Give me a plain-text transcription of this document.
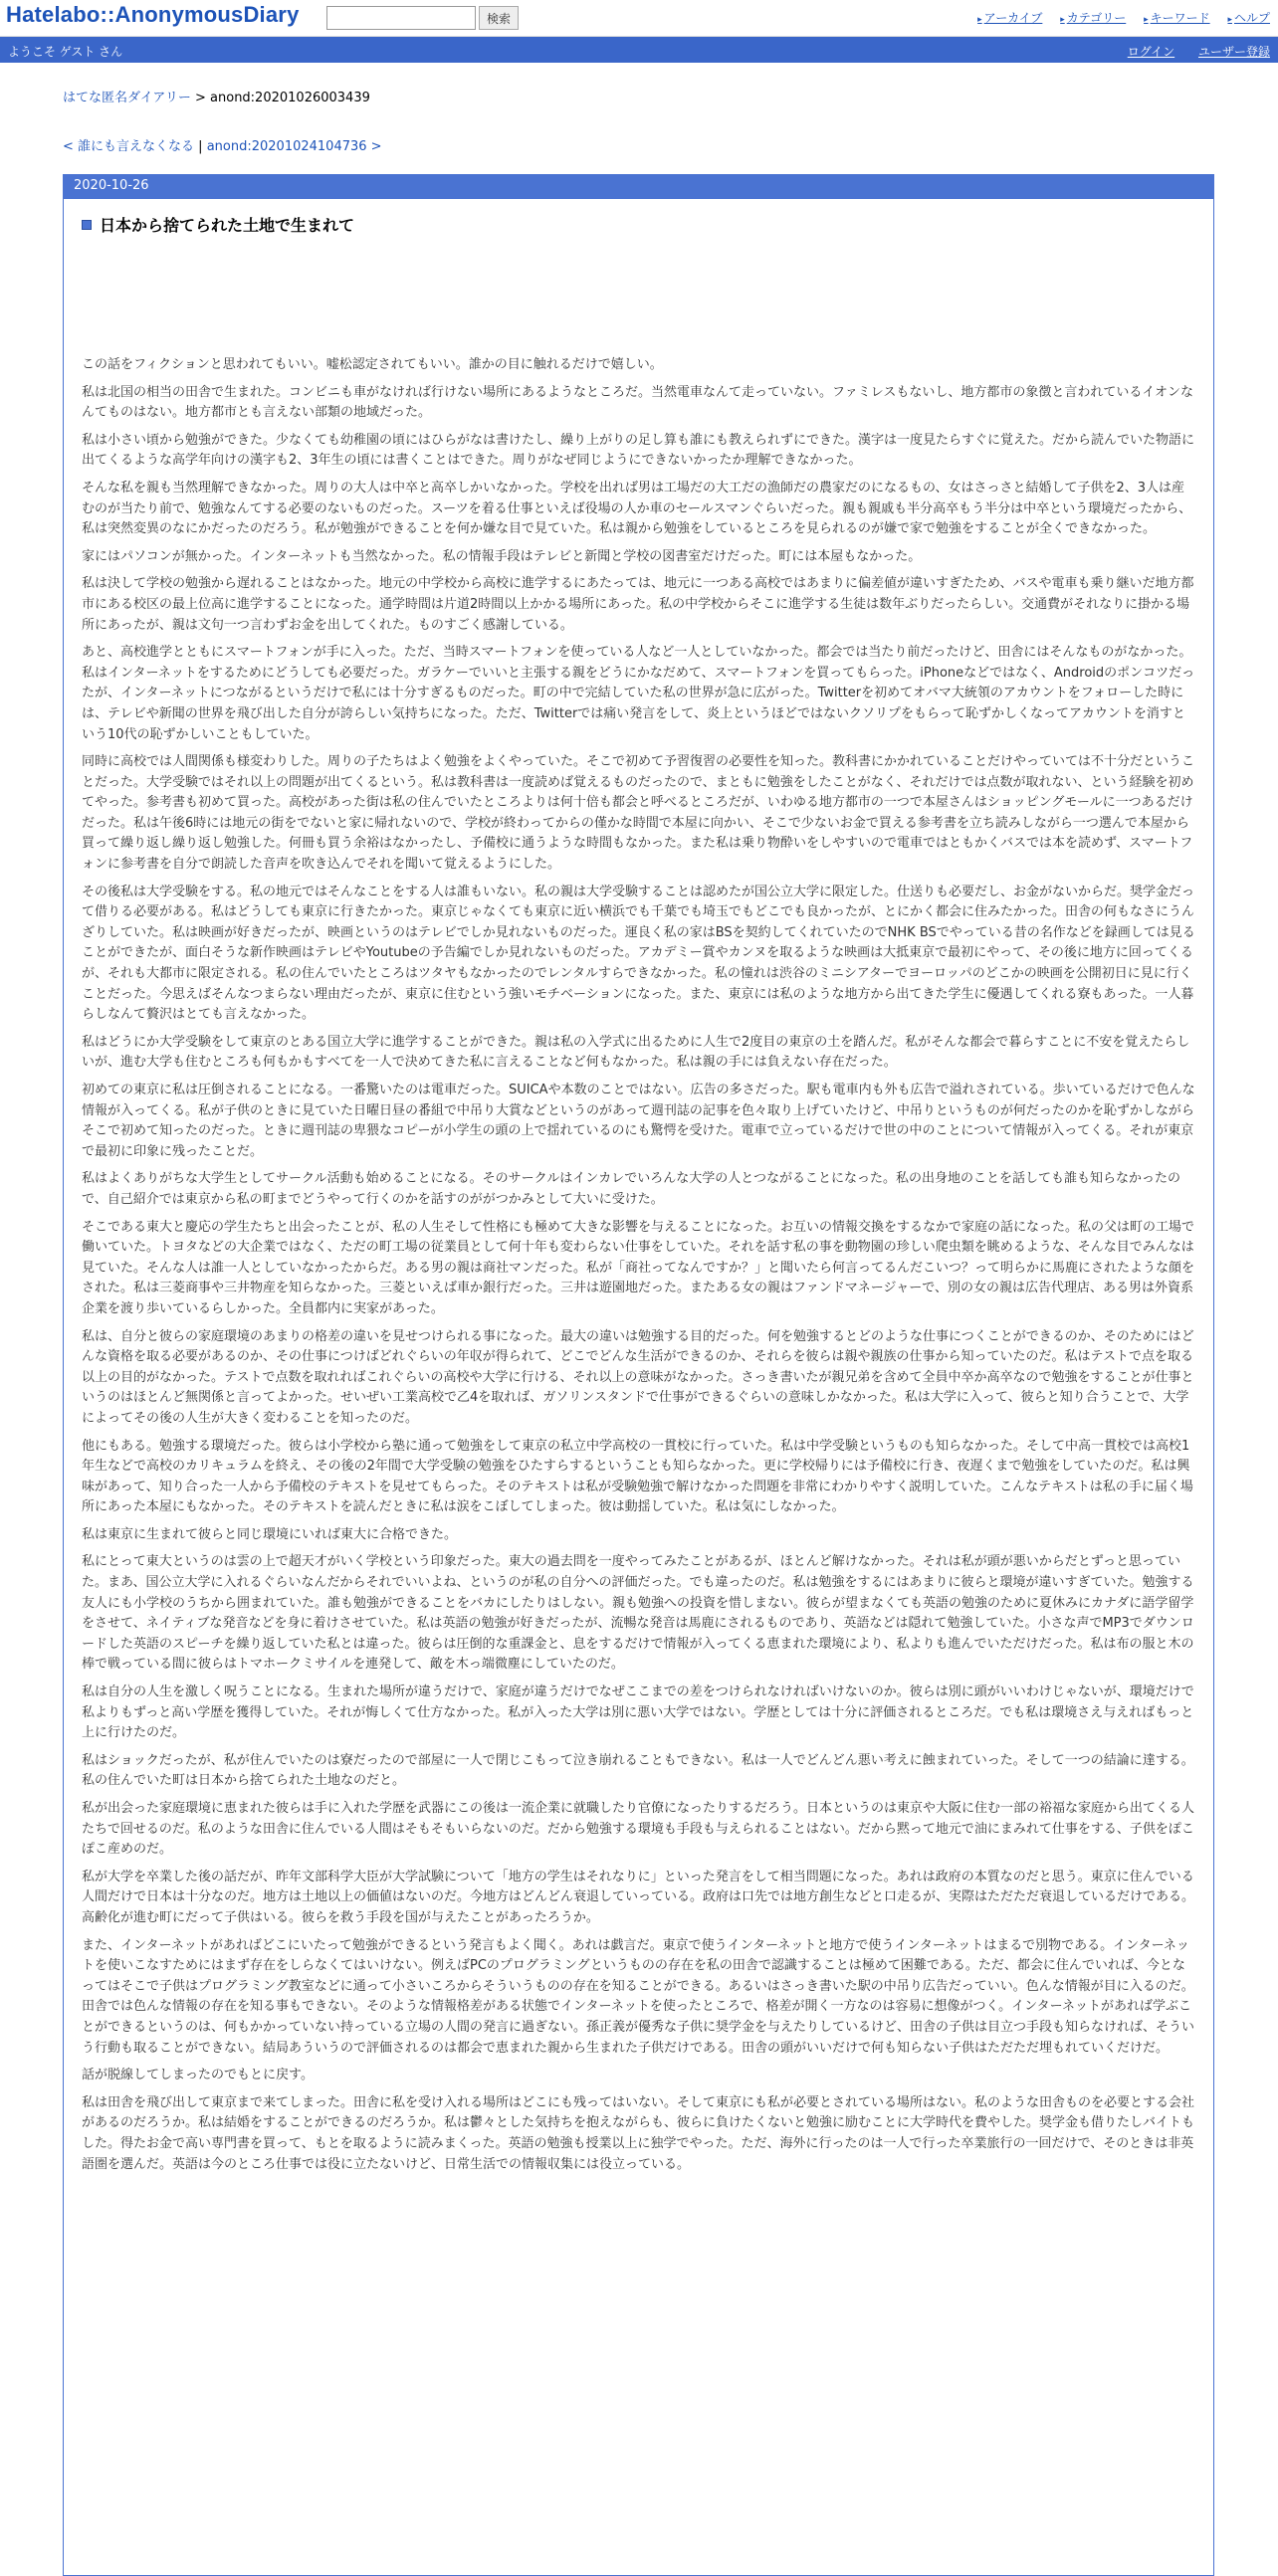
Hatelabo::AnonymousDiary	検索	▸ アーカイブ ▸ カテゴリー ▸ キーワード ▸ ヘルプ
ようこそ ゲスト さん	ログイン ユーザー登録
はてな匿名ダイアリー > anond:20201026003439
< 誰にも言えなくなる | anond:20201024104736 >
2020-10-26
日本から捨てられた土地で生まれて

この話をフィクションと思われてもいい。嘘松認定されてもいい。誰かの目に触れるだけで嬉しい。

私は北国の相当の田舎で生まれた。コンビニも車がなければ行けない場所にあるようなところだ。当然電車なんて走っていない。ファミレスもないし、地方都市の象徴と言われているイオンなんてものはない。地方都市とも言えない部類の地域だった。

私は小さい頃から勉強ができた。少なくても幼稚園の頃にはひらがなは書けたし、繰り上がりの足し算も誰にも教えられずにできた。漢字は一度見たらすぐに覚えた。だから読んでいた物語に出てくるような高学年向けの漢字も2、3年生の頃には書くことはできた。周りがなぜ同じようにできないかったか理解できなかった。

そんな私を親も当然理解できなかった。周りの大人は中卒と高卒しかいなかった。学校を出れば男は工場だの大工だの漁師だの農家だのになるもの、女はさっさと結婚して子供を2、3人は産むのが当たり前で、勉強なんてする必要のないものだった。スーツを着る仕事といえば役場の人か車のセールスマンぐらいだった。親も親戚も半分高卒もう半分は中卒という環境だったから、私は突然変異のなにかだったのだろう。私が勉強ができることを何か嫌な目で見ていた。私は親から勉強をしているところを見られるのが嫌で家で勉強をすることが全くできなかった。

家にはパソコンが無かった。インターネットも当然なかった。私の情報手段はテレビと新聞と学校の図書室だけだった。町には本屋もなかった。

私は決して学校の勉強から遅れることはなかった。地元の中学校から高校に進学するにあたっては、地元に一つある高校ではあまりに偏差値が違いすぎたため、バスや電車も乗り継いだ地方都市にある校区の最上位高に進学することになった。通学時間は片道2時間以上かかる場所にあった。私の中学校からそこに進学する生徒は数年ぶりだったらしい。交通費がそれなりに掛かる場所にあったが、親は文句一つ言わずお金を出してくれた。ものすごく感謝している。

あと、高校進学とともにスマートフォンが手に入った。ただ、当時スマートフォンを使っている人など一人としていなかった。都会では当たり前だったけど、田舎にはそんなものがなかった。私はインターネットをするためにどうしても必要だった。ガラケーでいいと主張する親をどうにかなだめて、スマートフォンを買ってもらった。iPhoneなどではなく、Androidのポンコツだったが、インターネットにつながるというだけで私には十分すぎるものだった。町の中で完結していた私の世界が急に広がった。Twitterを初めてオバマ大統領のアカウントをフォローした時には、テレビや新聞の世界を飛び出した自分が誇らしい気持ちになった。ただ、Twitterでは痛い発言をして、炎上というほどではないクソリプをもらって恥ずかしくなってアカウントを消すという10代の恥ずかしいこともしていた。

同時に高校では人間関係も様変わりした。周りの子たちはよく勉強をよくやっていた。そこで初めて予習復習の必要性を知った。教科書にかかれていることだけやっていては不十分だということだった。大学受験ではそれ以上の問題が出てくるという。私は教科書は一度読めば覚えるものだったので、まともに勉強をしたことがなく、それだけでは点数が取れない、という経験を初めてやった。参考書も初めて買った。高校があった街は私の住んでいたところよりは何十倍も都会と呼べるところだが、いわゆる地方都市の一つで本屋さんはショッピングモールに一つあるだけだった。私は午後6時には地元の街をでないと家に帰れないので、学校が終わってからの僅かな時間で本屋に向かい、そこで少ないお金で買える参考書を立ち読みしながら一つ選んで本屋から買って繰り返し繰り返し勉強した。何冊も買う余裕はなかったし、予備校に通うような時間もなかった。また私は乗り物酔いをしやすいので電車ではともかくバスでは本を読めず、スマートフォンに参考書を自分で朗読した音声を吹き込んでそれを聞いて覚えるようにした。

その後私は大学受験をする。私の地元ではそんなことをする人は誰もいない。私の親は大学受験することは認めたが国公立大学に限定した。仕送りも必要だし、お金がないからだ。奨学金だって借りる必要がある。私はどうしても東京に行きたかった。東京じゃなくても東京に近い横浜でも千葉でも埼玉でもどこでも良かったが、とにかく都会に住みたかった。田舎の何もなさにうんざりしていた。私は映画が好きだったが、映画というのはテレビでしか見れないものだった。運良く私の家はBSを契約してくれていたのでNHK BSでやっている昔の名作などを録画しては見ることができたが、面白そうな新作映画はテレビやYoutubeの予告編でしか見れないものだった。アカデミー賞やカンヌを取るような映画は大抵東京で最初にやって、その後に地方に回ってくるが、それも大都市に限定される。私の住んでいたところはツタヤもなかったのでレンタルすらできなかった。私の憧れは渋谷のミニシアターでヨーロッパのどこかの映画を公開初日に見に行くことだった。今思えばそんなつまらない理由だったが、東京に住むという強いモチベーションになった。また、東京には私のような地方から出てきた学生に優遇してくれる寮もあった。一人暮らしなんて贅沢はとても言えなかった。

私はどうにか大学受験をして東京のとある国立大学に進学することができた。親は私の入学式に出るために人生で2度目の東京の土を踏んだ。私がそんな都会で暮らすことに不安を覚えたらしいが、進む大学も住むところも何もかもすべてを一人で決めてきた私に言えることなど何もなかった。私は親の手には負えない存在だった。

初めての東京に私は圧倒されることになる。一番驚いたのは電車だった。SUICAや本数のことではない。広告の多さだった。駅も電車内も外も広告で溢れされている。歩いているだけで色んな情報が入ってくる。私が子供のときに見ていた日曜日昼の番組で中吊り大賞などというのがあって週刊誌の記事を色々取り上げていたけど、中吊りというものが何だったのかを恥ずかしながらそこで初めて知ったのだった。ときに週刊誌の卑猥なコピーが小学生の頭の上で揺れているのにも驚愕を受けた。電車で立っているだけで世の中のことについて情報が入ってくる。それが東京で最初に印象に残ったことだ。

私はよくありがちな大学生としてサークル活動も始めることになる。そのサークルはインカレでいろんな大学の人とつながることになった。私の出身地のことを話しても誰も知らなかったので、自己紹介では東京から私の町までどうやって行くのかを話すのががつかみとして大いに受けた。

そこである東大と慶応の学生たちと出会ったことが、私の人生そして性格にも極めて大きな影響を与えることになった。お互いの情報交換をするなかで家庭の話になった。私の父は町の工場で働いていた。トヨタなどの大企業ではなく、ただの町工場の従業員として何十年も変わらない仕事をしていた。それを話す私の事を動物園の珍しい爬虫類を眺めるような、そんな目でみんなは見ていた。そんな人は誰一人としていなかったからだ。ある男の親は商社マンだった。私が「商社ってなんですか？」と聞いたら何言ってるんだこいつ？って明らかに馬鹿にされたような顔をされた。私は三菱商事や三井物産を知らなかった。三菱といえば車か銀行だった。三井は遊園地だった。またある女の親はファンドマネージャーで、別の女の親は広告代理店、ある男は外資系企業を渡り歩いているらしかった。全員都内に実家があった。

私は、自分と彼らの家庭環境のあまりの格差の違いを見せつけられる事になった。最大の違いは勉強する目的だった。何を勉強するとどのような仕事につくことができるのか、そのためにはどんな資格を取る必要があるのか、その仕事につけばどれぐらいの年収が得られて、どこでどんな生活ができるのか、それらを彼らは親や親族の仕事から知っていたのだ。私はテストで点を取る以上の目的がなかった。テストで点数を取れればこれぐらいの高校や大学に行ける、それ以上の意味がなかった。さっき書いたが親兄弟を含めて全員中卒か高卒なので勉強をすることが仕事というのはほとんど無関係と言ってよかった。せいぜい工業高校で乙4を取れば、ガソリンスタンドで仕事ができるぐらいの意味しかなかった。私は大学に入って、彼らと知り合うことで、大学によってその後の人生が大きく変わることを知ったのだ。

他にもある。勉強する環境だった。彼らは小学校から塾に通って勉強をして東京の私立中学高校の一貫校に行っていた。私は中学受験というものも知らなかった。そして中高一貫校では高校1年生などで高校のカリキュラムを終え、その後の2年間で大学受験の勉強をひたすらするということも知らなかった。更に学校帰りには予備校に行き、夜遅くまで勉強をしていたのだ。私は興味があって、知り合った一人から予備校のテキストを見せてもらった。そのテキストは私が受験勉強で解けなかった問題を非常にわかりやすく説明していた。こんなテキストは私の手に届く場所にあった本屋にもなかった。そのテキストを読んだときに私は涙をこぼしてしまった。彼は動揺していた。私は気にしなかった。

私は東京に生まれて彼らと同じ環境にいれば東大に合格できた。

私にとって東大というのは雲の上で超天才がいく学校という印象だった。東大の過去問を一度やってみたことがあるが、ほとんど解けなかった。それは私が頭が悪いからだとずっと思っていた。まあ、国公立大学に入れるぐらいなんだからそれでいいよね、というのが私の自分への評価だった。でも違ったのだ。私は勉強をするにはあまりに彼らと環境が違いすぎていた。勉強する友人にも小学校のうちから囲まれていた。誰も勉強ができることをバカにしたりはしない。親も勉強への投資を惜しまない。彼らが望まなくても英語の勉強のために夏休みにカナダに語学留学をさせて、ネイティブな発音などを身に着けさせていた。私は英語の勉強が好きだったが、流暢な発音は馬鹿にされるものであり、英語などは隠れて勉強していた。小さな声でMP3でダウンロードした英語のスピーチを繰り返していた私とは違った。彼らは圧倒的な重課金と、息をするだけで情報が入ってくる恵まれた環境により、私よりも進んでいただけだった。私は布の服と木の棒で戦っている間に彼らはトマホークミサイルを連発して、敵を木っ端微塵にしていたのだ。

私は自分の人生を激しく呪うことになる。生まれた場所が違うだけで、家庭が違うだけでなぜここまでの差をつけられなければいけないのか。彼らは別に頭がいいわけじゃないが、環境だけで私よりもずっと高い学歴を獲得していた。それが悔しくて仕方なかった。私が入った大学は別に悪い大学ではない。学歴としては十分に評価されるところだ。でも私は環境さえ与えればもっと上に行けたのだ。

私はショックだったが、私が住んでいたのは寮だったので部屋に一人で閉じこもって泣き崩れることもできない。私は一人でどんどん悪い考えに蝕まれていった。そして一つの結論に達する。私の住んでいた町は日本から捨てられた土地なのだと。

私が出会った家庭環境に恵まれた彼らは手に入れた学歴を武器にこの後は一流企業に就職したり官僚になったりするだろう。日本というのは東京や大阪に住む一部の裕福な家庭から出てくる人たちで回せるのだ。私のような田舎に住んでいる人間はそもそもいらないのだ。だから勉強する環境も手段も与えられることはない。だから黙って地元で油にまみれて仕事をする、子供をぽこぽこ産めのだ。

私が大学を卒業した後の話だが、昨年文部科学大臣が大学試験について「地方の学生はそれなりに」といった発言をして相当問題になった。あれは政府の本質なのだと思う。東京に住んでいる人間だけで日本は十分なのだ。地方は土地以上の価値はないのだ。今地方はどんどん衰退していっている。政府は口先では地方創生などと口走るが、実際はただただ衰退しているだけである。高齢化が進む町にだって子供はいる。彼らを救う手段を国が与えたことがあったろうか。

また、インターネットがあればどこにいたって勉強ができるという発言もよく聞く。あれは戯言だ。東京で使うインターネットと地方で使うインターネットはまるで別物である。インターネットを使いこなすためにはまず存在をしらなくてはいけない。例えばPCのプログラミングというものの存在を私の田舎で認識することは極めて困難である。ただ、都会に住んでいれば、今となってはそこで子供はプログラミング教室などに通って小さいころからそういうものの存在を知ることができる。あるいはさっき書いた駅の中吊り広告だっていい。色んな情報が目に入るのだ。田舎では色んな情報の存在を知る事もできない。そのような情報格差がある状態でインターネットを使ったところで、格差が開く一方なのは容易に想像がつく。インターネットがあれば学ぶことができるというのは、何もかかっていない持っている立場の人間の発言に過ぎない。孫正義が優秀な子供に奨学金を与えたりしているけど、田舎の子供は目立つ手段も知らなければ、そういう行動も取ることができない。結局あういうので評価されるのは都会で恵まれた親から生まれた子供だけである。田舎の頭がいいだけで何も知らない子供はただただ埋もれていくだけだ。

話が脱線してしまったのでもとに戻す。

私は田舎を飛び出して東京まで来てしまった。田舎に私を受け入れる場所はどこにも残ってはいない。そして東京にも私が必要とされている場所はない。私のような田舎ものを必要とする会社があるのだろうか。私は結婚をすることができるのだろうか。私は鬱々とした気持ちを抱えながらも、彼らに負けたくないと勉強に励むことに大学時代を費やした。奨学金も借りたしバイトもした。得たお金で高い専門書を買って、もとを取るように読みまくった。英語の勉強も授業以上に独学でやった。ただ、海外に行ったのは一人で行った卒業旅行の一回だけで、そのときは非英語圏を選んだ。英語は今のところ仕事では役に立たないけど、日常生活での情報収集には役立っている。
